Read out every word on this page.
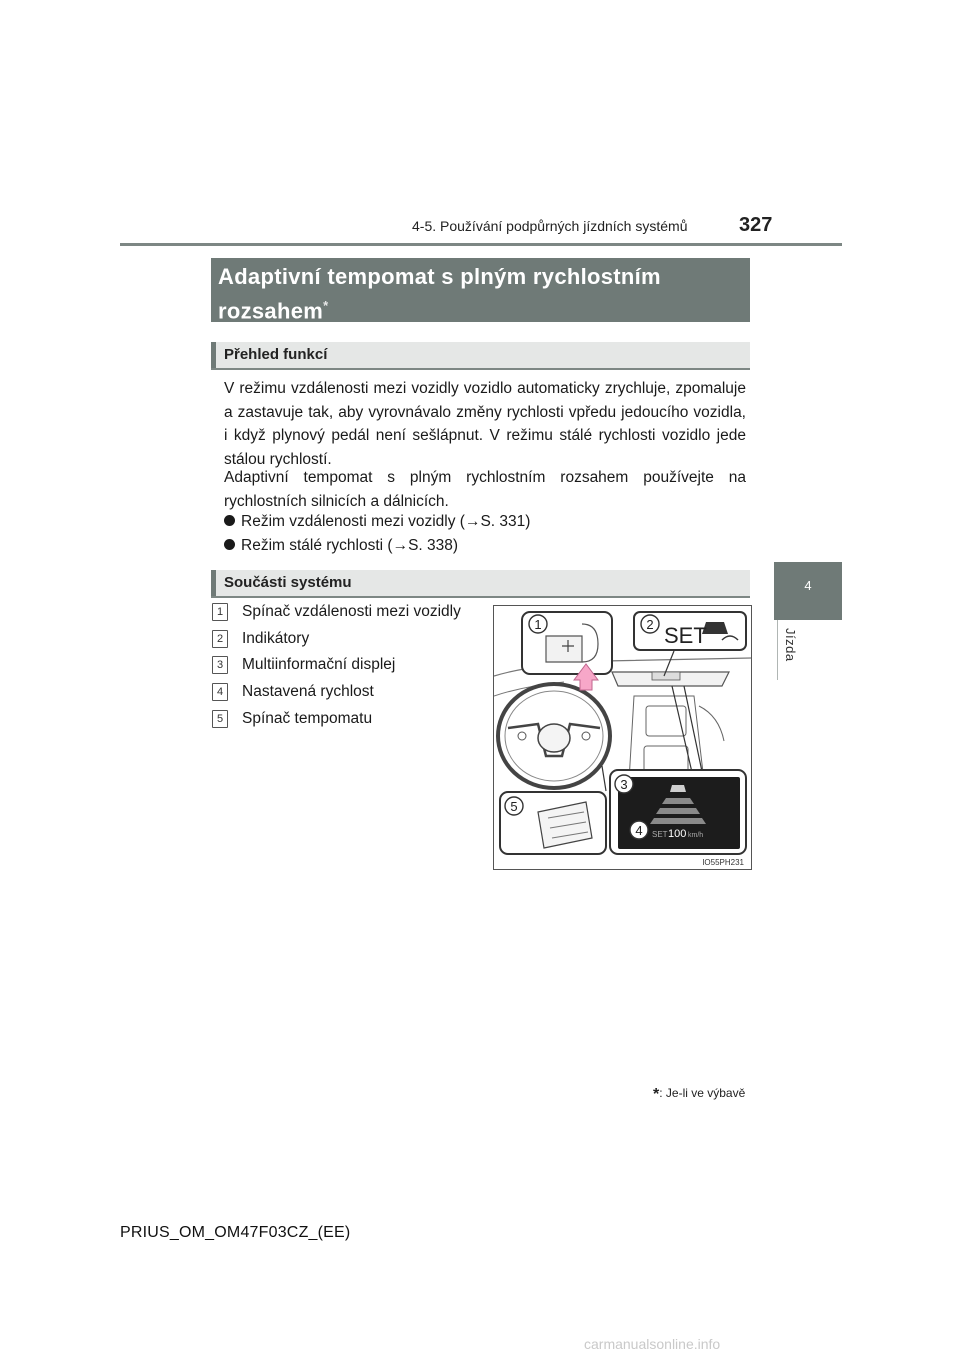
4-5. Používání podpůrných jízdních systémů	327
4
Jízda
Adaptivní tempomat s plným rychlostním rozsahem*
Přehled funkcí
V režimu vzdálenosti mezi vozidly vozidlo automaticky zrychluje, zpomaluje a zastavuje tak, aby vyrovnávalo změny rychlosti vpředu jedoucího vozidla, i když plynový pedál není sešlápnut. V režimu stálé rychlosti vozidlo jede stálou rychlostí.
Adaptivní tempomat s plným rychlostním rozsahem používejte na rychlostních silnicích a dálnicích.
Režim vzdálenosti mezi vozidly (→S. 331)
Režim stálé rychlosti (→S. 338)
Součásti systému
1 Spínač vzdálenosti mezi vozidly
2 Indikátory
3 Multiinformační displej
4 Nastavená rychlost
5 Spínač tempomatu
SET
SET 100 km/h
1	2
3
4
5
IO55PH231
*: Je-li ve výbavě
PRIUS_OM_OM47F03CZ_(EE)
carmanualsonline.info
